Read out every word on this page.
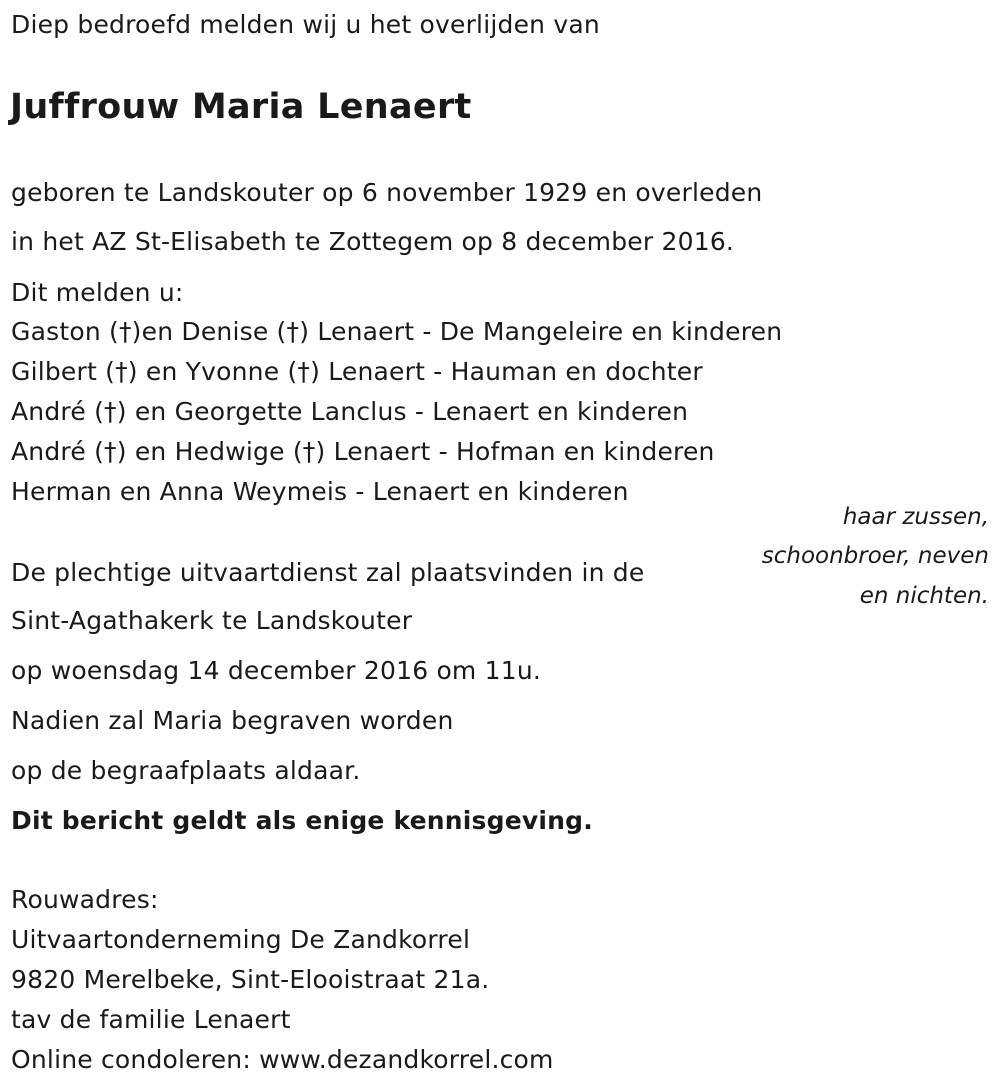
Diep bedroefd melden wij u het overlijden van
Juffrouw Maria Lenaert
geboren te Landskouter op 6 november 1929 en overleden
in het AZ St-Elisabeth te Zottegem op 8 december 2016.
Dit melden u:
Gaston (†)en Denise (†) Lenaert - De Mangeleire en kinderen
Gilbert (†) en Yvonne (†) Lenaert - Hauman en dochter
André (†) en Georgette Lanclus - Lenaert en kinderen
André (†) en Hedwige (†) Lenaert - Hofman en kinderen
Herman en Anna Weymeis - Lenaert en kinderen
haar zussen,
schoonbroer, neven
en nichten.
De plechtige uitvaartdienst zal plaatsvinden in de
Sint-Agathakerk te Landskouter
op woensdag 14 december 2016 om 11u.
Nadien zal Maria begraven worden
op de begraafplaats aldaar.
Dit bericht geldt als enige kennisgeving.
Rouwadres:
Uitvaartonderneming De Zandkorrel
9820 Merelbeke, Sint-Elooistraat 21a.
tav de familie Lenaert
Online condoleren: www.dezandkorrel.com
